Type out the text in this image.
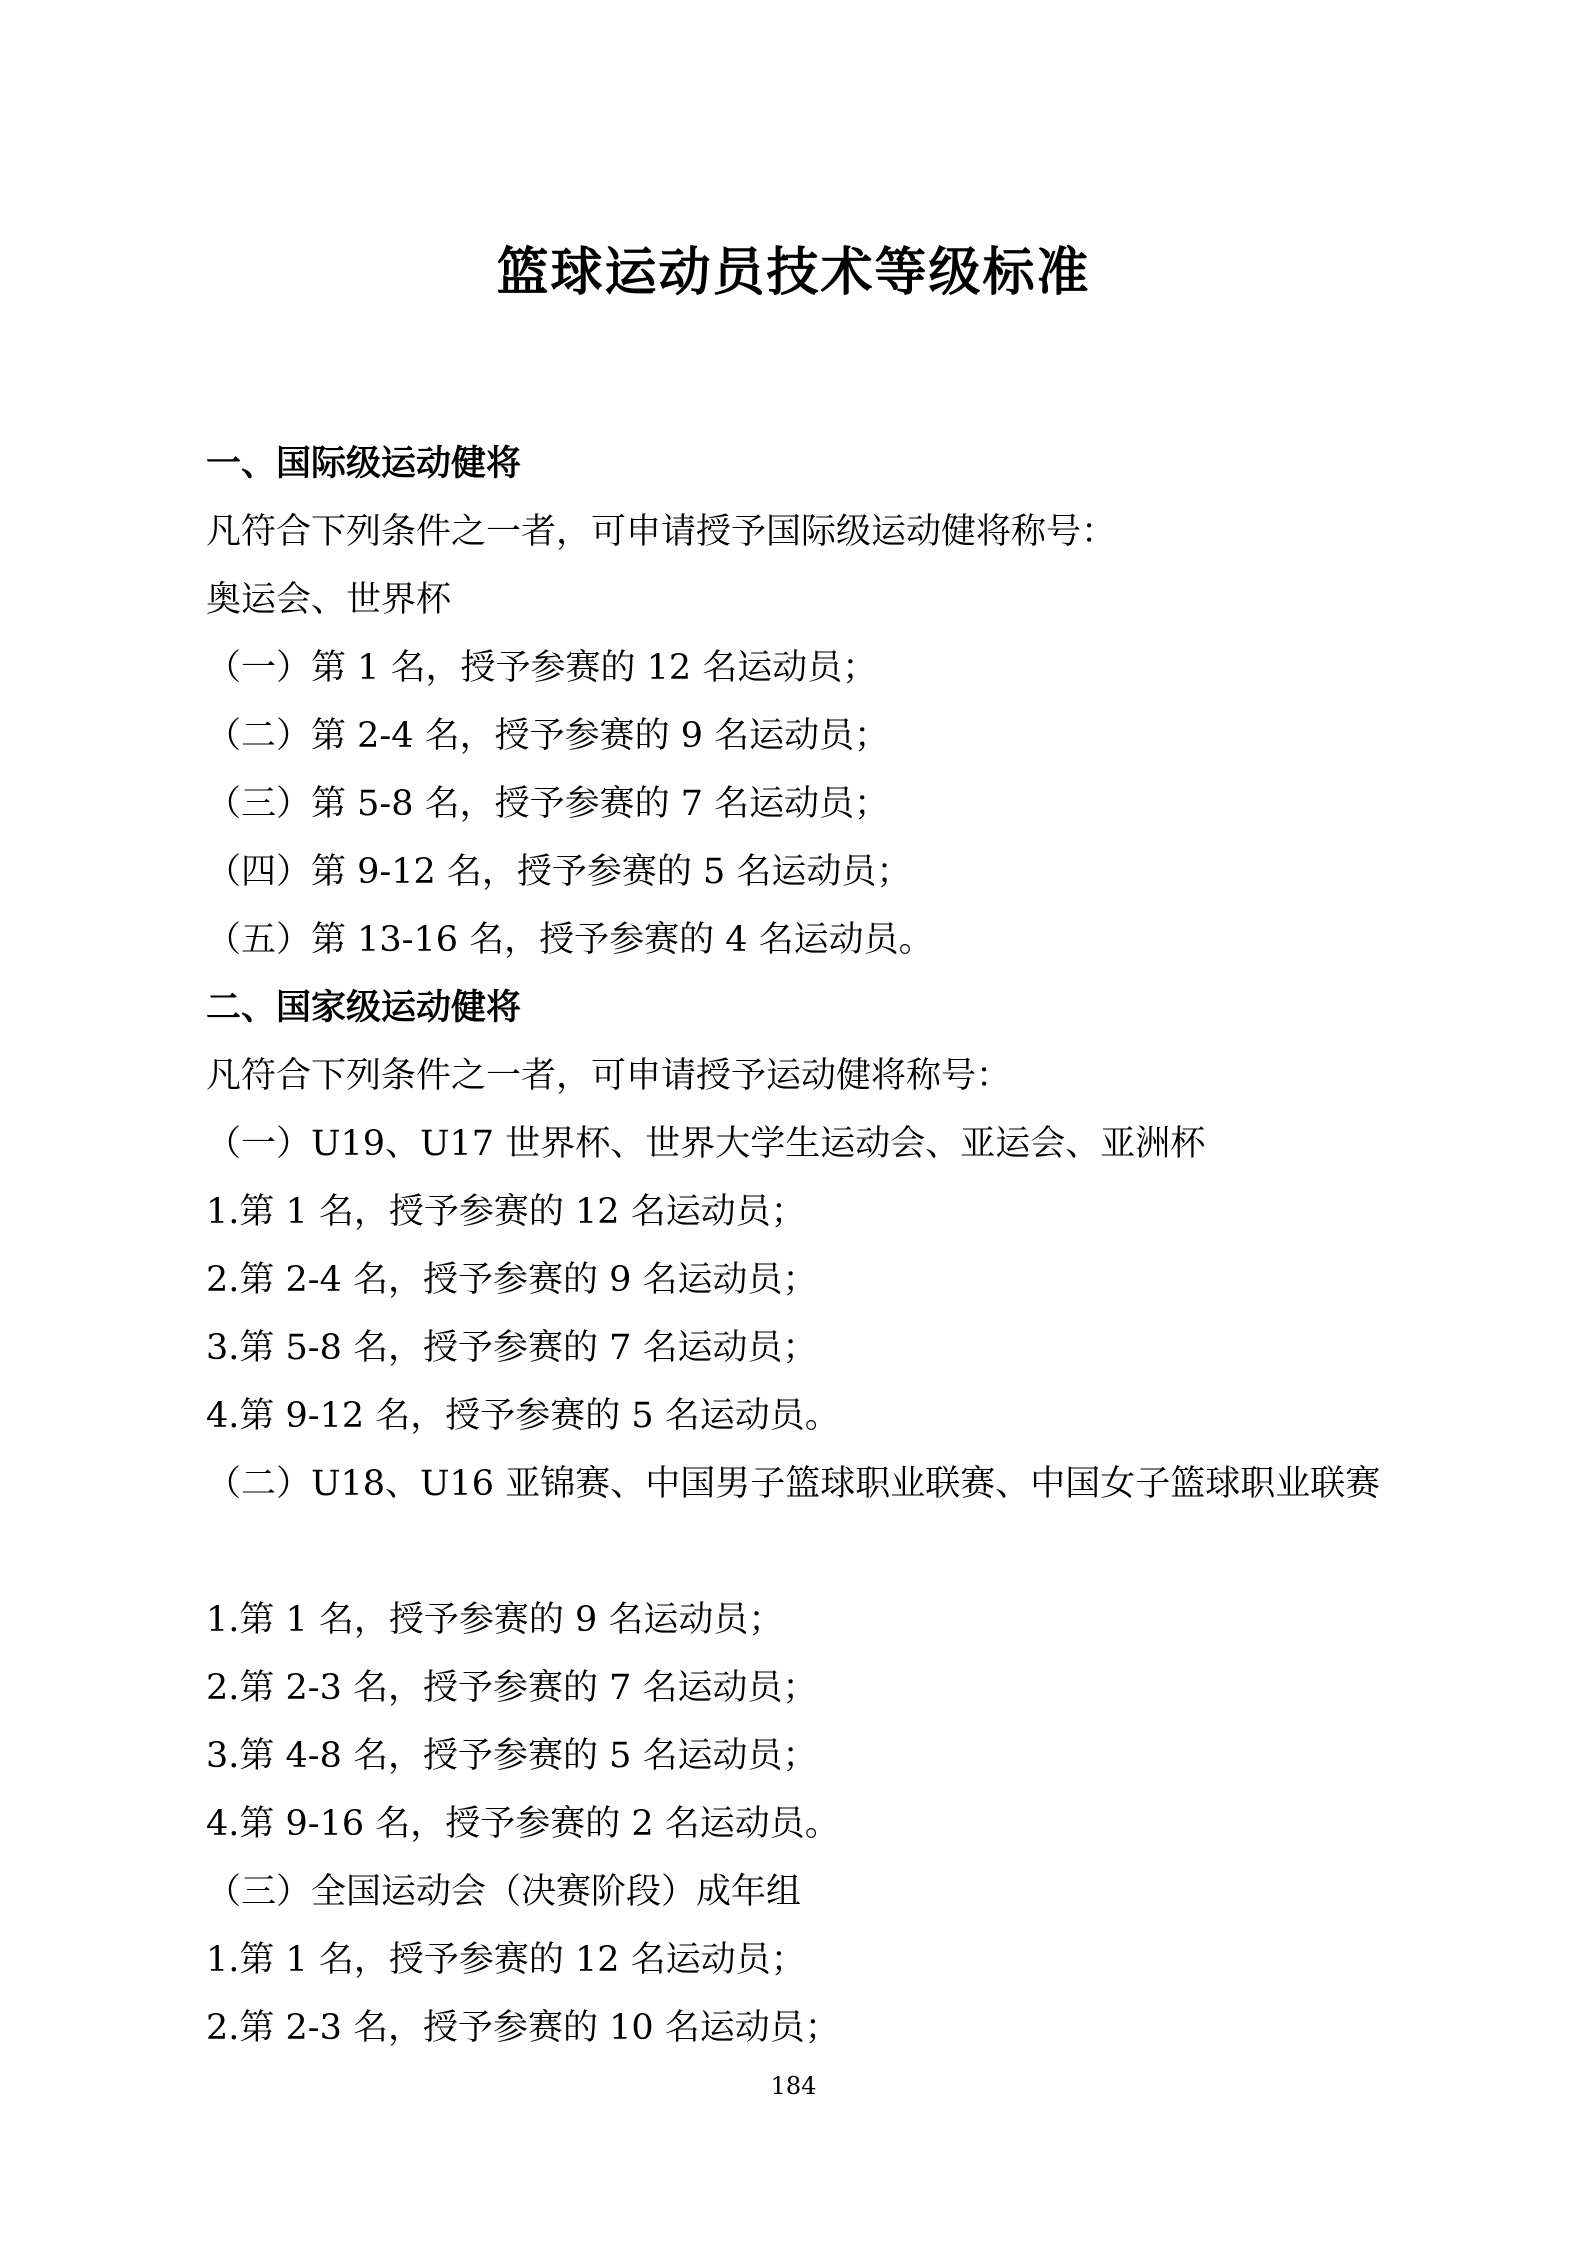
篮球运动员技术等级标准
一、国际级运动健将
凡符合下列条件之一者，可申请授予国际级运动健将称号：
奥运会、世界杯
（一）第 1 名，授予参赛的 12 名运动员；
（二）第 2-4 名，授予参赛的 9 名运动员；
（三）第 5-8 名，授予参赛的 7 名运动员；
（四）第 9-12 名，授予参赛的 5 名运动员；
（五）第 13-16 名，授予参赛的 4 名运动员。
二、国家级运动健将
凡符合下列条件之一者，可申请授予运动健将称号：
（一）U19、U17 世界杯、世界大学生运动会、亚运会、亚洲杯
1.第 1 名，授予参赛的 12 名运动员；
2.第 2-4 名，授予参赛的 9 名运动员；
3.第 5-8 名，授予参赛的 7 名运动员；
4.第 9-12 名，授予参赛的 5 名运动员。
（二）U18、U16 亚锦赛、中国男子篮球职业联赛、中国女子篮球职业联赛
1.第 1 名，授予参赛的 9 名运动员；
2.第 2-3 名，授予参赛的 7 名运动员；
3.第 4-8 名，授予参赛的 5 名运动员；
4.第 9-16 名，授予参赛的 2 名运动员。
（三）全国运动会（决赛阶段）成年组
1.第 1 名，授予参赛的 12 名运动员；
2.第 2-3 名，授予参赛的 10 名运动员；
184
